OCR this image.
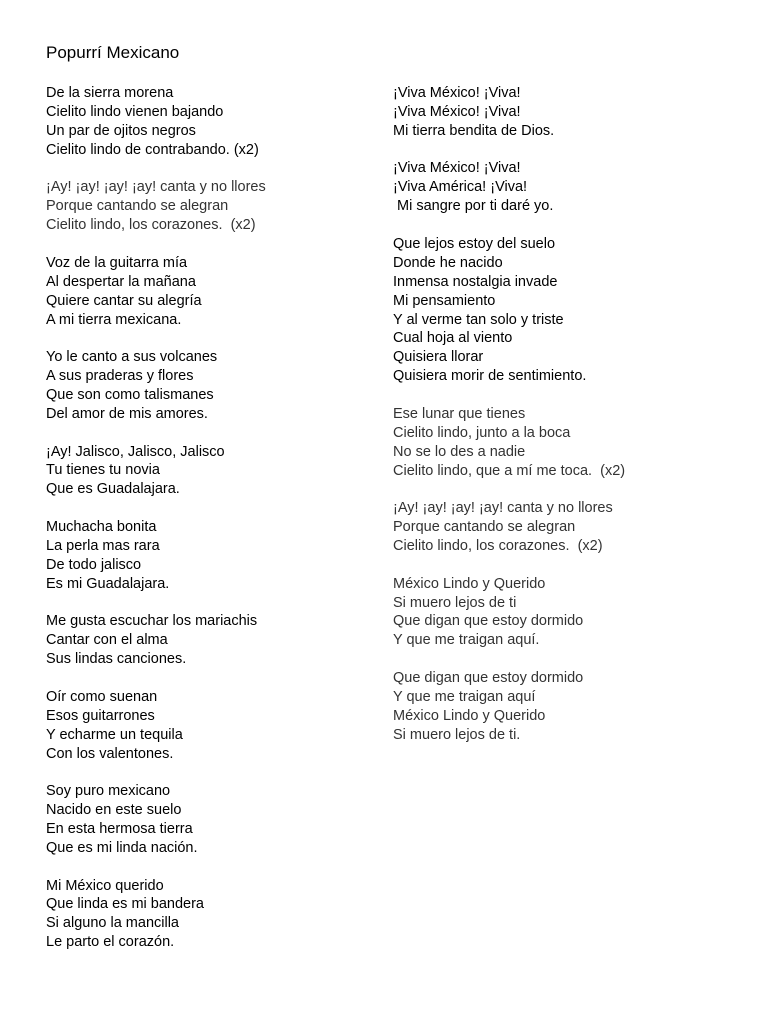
Popurrí Mexicano
De la sierra morena
Cielito lindo vienen bajando
Un par de ojitos negros
Cielito lindo de contrabando. (x2)
¡Ay! ¡ay! ¡ay! ¡ay! canta y no llores
Porque cantando se alegran
Cielito lindo, los corazones.  (x2)
Voz de la guitarra mía
Al despertar la mañana
Quiere cantar su alegría
A mi tierra mexicana.
Yo le canto a sus volcanes
A sus praderas y flores
Que son como talismanes
Del amor de mis amores.
¡Ay! Jalisco, Jalisco, Jalisco
Tu tienes tu novia
Que es Guadalajara.
Muchacha bonita
La perla mas rara
De todo jalisco
Es mi Guadalajara.
Me gusta escuchar los mariachis
Cantar con el alma
Sus lindas canciones.
Oír como suenan
Esos guitarrones
Y echarme un tequila
Con los valentones.
Soy puro mexicano
Nacido en este suelo
En esta hermosa tierra
Que es mi linda nación.
Mi México querido
Que linda es mi bandera
Si alguno la mancilla
Le parto el corazón.
¡Viva México! ¡Viva!
¡Viva México! ¡Viva!
Mi tierra bendita de Dios.
¡Viva México! ¡Viva!
¡Viva América! ¡Viva!
Mi sangre por ti daré yo.
Que lejos estoy del suelo
Donde he nacido
Inmensa nostalgia invade
Mi pensamiento
Y al verme tan solo y triste
Cual hoja al viento
Quisiera llorar
Quisiera morir de sentimiento.
Ese lunar que tienes
Cielito lindo, junto a la boca
No se lo des a nadie
Cielito lindo, que a mí me toca.  (x2)
¡Ay! ¡ay! ¡ay! ¡ay! canta y no llores
Porque cantando se alegran
Cielito lindo, los corazones.  (x2)
México Lindo y Querido
Si muero lejos de ti
Que digan que estoy dormido
Y que me traigan aquí.
Que digan que estoy dormido
Y que me traigan aquí
México Lindo y Querido
Si muero lejos de ti.
